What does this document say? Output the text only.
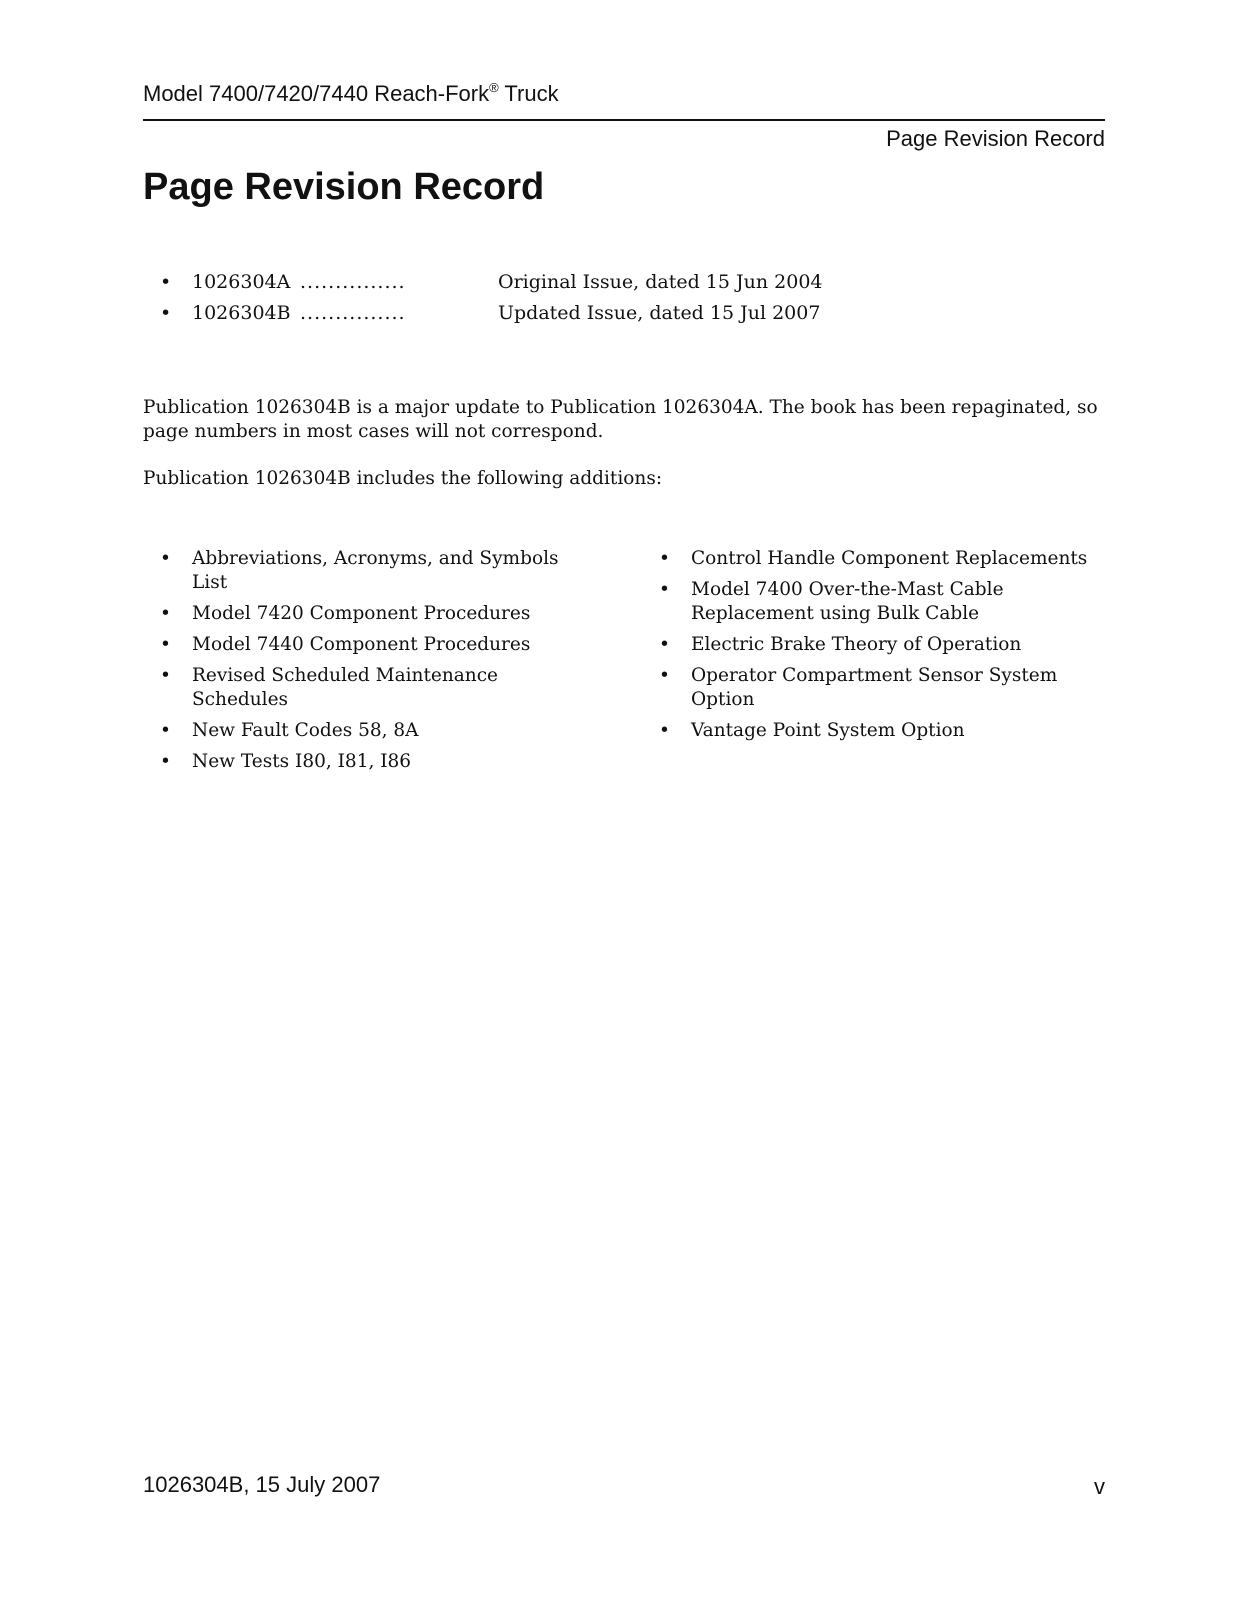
Model 7400/7420/7440 Reach-Fork® Truck
Page Revision Record
Page Revision Record
•	1026304A ...............	Original Issue, dated 15 Jun 2004
•	1026304B ...............	Updated Issue, dated 15 Jul 2007

Publication 1026304B is a major update to Publication 1026304A. The book has been repaginated, so page numbers in most cases will not correspond.

Publication 1026304B includes the following additions:

• Abbreviations, Acronyms, and Symbols List
• Model 7420 Component Procedures
• Model 7440 Component Procedures
• Revised Scheduled Maintenance Schedules
• New Fault Codes 58, 8A
• New Tests I80, I81, I86
• Control Handle Component Replacements
• Model 7400 Over-the-Mast Cable Replacement using Bulk Cable
• Electric Brake Theory of Operation
• Operator Compartment Sensor System Option
• Vantage Point System Option
1026304B, 15 July 2007	v
